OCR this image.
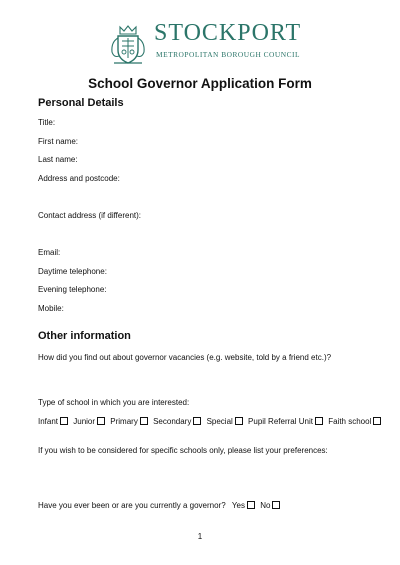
STOCKPORT
METROPOLITAN BOROUGH COUNCIL
School Governor Application Form
Personal Details
Title:
First name:
Last name:
Address and postcode:
Contact address (if different):
Email:
Daytime telephone:
Evening telephone:
Mobile:
Other information
How did you find out about governor vacancies (e.g. website, told by a friend etc.)?
Type of school in which you are interested:
Infant Junior Primary Secondary Special Pupil Referral Unit Faith school
If you wish to be considered for specific schools only, please list your preferences:
Have you ever been or are you currently a governor? Yes No
1
